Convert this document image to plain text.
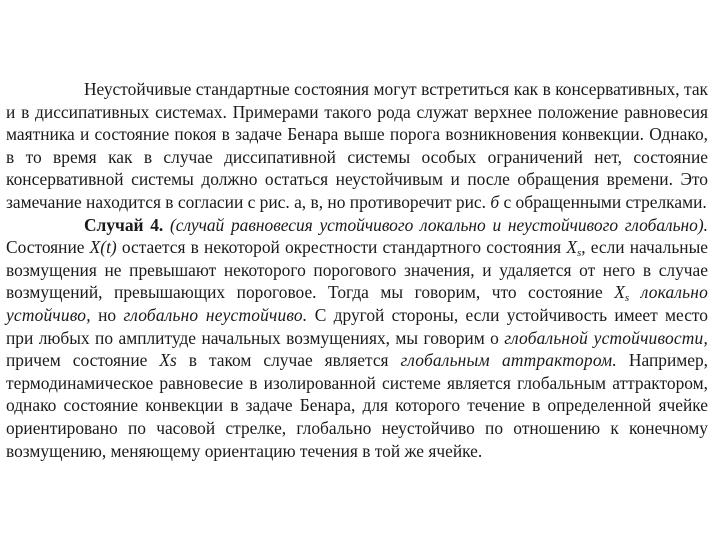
Неустойчивые стандартные состояния могут встретиться как в консервативных, так и в диссипативных системах. Примерами такого рода служат верхнее положение равновесия маятника и состояние покоя в задаче Бенара выше порога возникновения конвекции. Однако, в то время как в случае диссипативной системы особых ограничений нет, состояние консервативной системы должно остаться неустойчивым и после обращения времени. Это замечание находится в согласии с рис. а, в, но противоречит рис. б с обращенными стрелками.

Случай 4. (случай равновесия устойчивого локально и неустойчивого глобально). Состояние X(t) остается в некоторой окрестности стандартного состояния $X_s$, если начальные возмущения не превышают некоторого порогового значения, и удаляется от него в случае возмущений, превышающих пороговое. Тогда мы говорим, что состояние $X_s$ локально устойчиво, но глобально неустойчиво. С другой стороны, если устойчивость имеет место при любых по амплитуде начальных возмущениях, мы говорим о глобальной устойчивости, причем состояние Xs в таком случае является глобальным аттрактором. Например, термодинамическое равновесие в изолированной системе является глобальным аттрактором, однако состояние конвекции в задаче Бенара, для которого течение в определенной ячейке ориентировано по часовой стрелке, глобально неустойчиво по отношению к конечному возмущению, меняющему ориентацию течения в той же ячейке.
